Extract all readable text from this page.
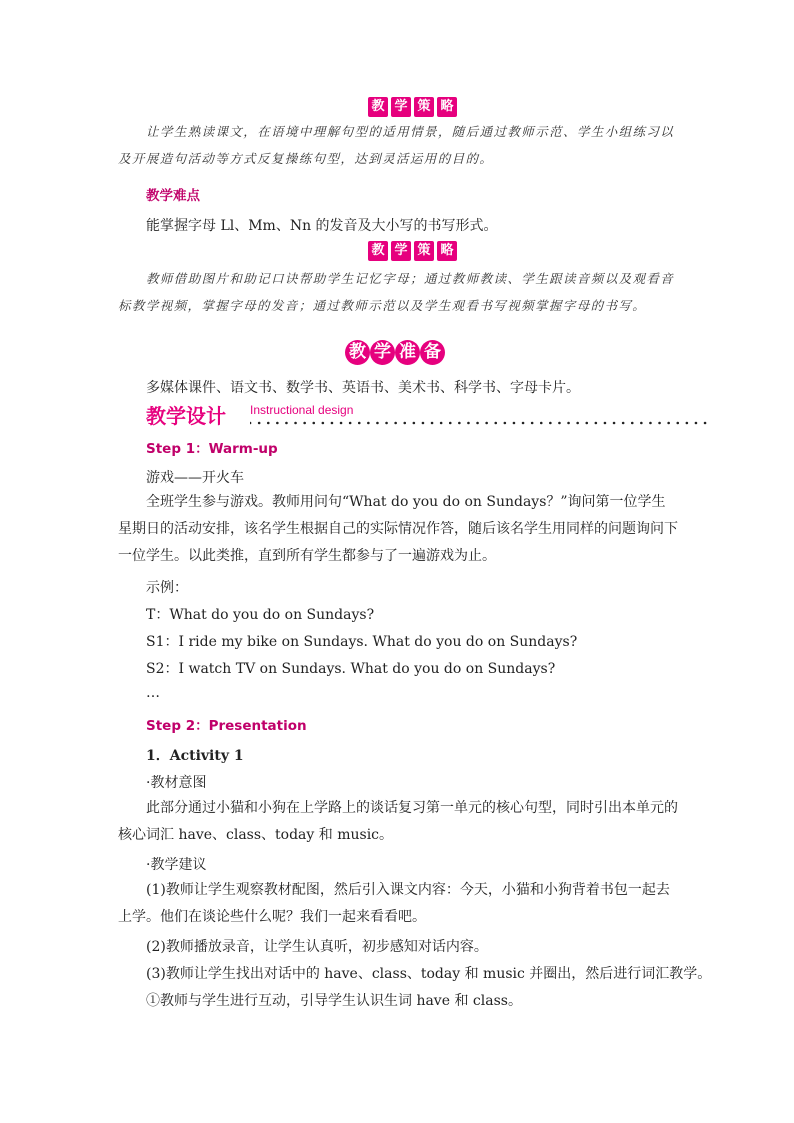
教 学 策 略

让学生熟读课文，在语境中理解句型的适用情景，随后通过教师示范、学生小组练习以及开展造句活动等方式反复操练句型，达到灵活运用的目的。

教学难点
能掌握字母 Ll、Mm、Nn 的发音及大小写的书写形式。
教 学 策 略

教师借助图片和助记口诀帮助学生记忆字母；通过教师教读、学生跟读音频以及观看音标教学视频，掌握字母的发音；通过教师示范以及学生观看书写视频掌握字母的书写。

教 学 准 备
多媒体课件、语文书、数学书、英语书、美术书、科学书、字母卡片。
教学设计 Instructional design
Step 1：Warm-up
游戏——开火车

全班学生参与游戏。教师用问句“What do you do on Sundays？”询问第一位学生星期日的活动安排，该名学生根据自己的实际情况作答，随后该名学生用同样的问题询问下一位学生。以此类推，直到所有学生都参与了一遍游戏为止。

示例：
T：What do you do on Sundays?
S1：I ride my bike on Sundays. What do you do on Sundays?
S2：I watch TV on Sundays. What do you do on Sundays?
…
Step 2：Presentation
1．Activity 1
·教材意图

此部分通过小猫和小狗在上学路上的谈话复习第一单元的核心句型，同时引出本单元的核心词汇 have、class、today 和 music。

·教学建议

(1)教师让学生观察教材配图，然后引入课文内容：今天，小猫和小狗背着书包一起去上学。他们在谈论些什么呢？我们一起来看看吧。

(2)教师播放录音，让学生认真听，初步感知对话内容。
(3)教师让学生找出对话中的 have、class、today 和 music 并圈出，然后进行词汇教学。
①教师与学生进行互动，引导学生认识生词 have 和 class。
